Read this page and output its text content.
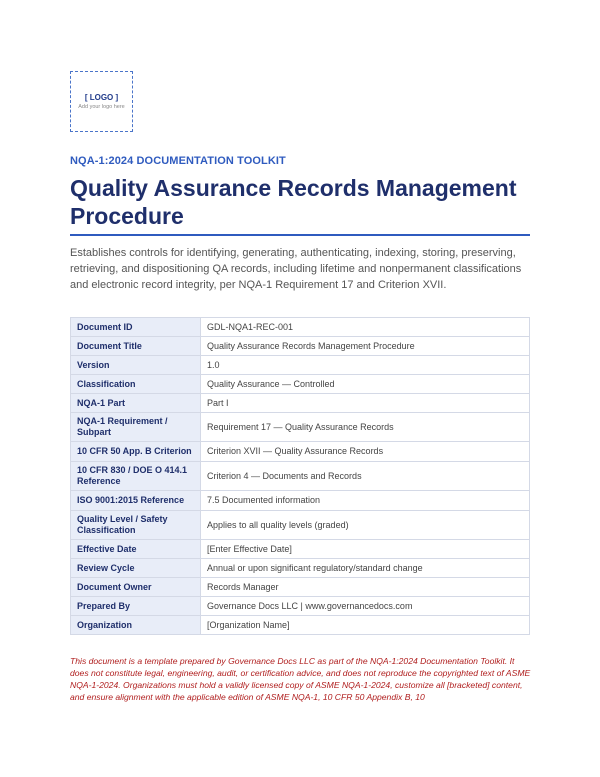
[ LOGO ]
Add your logo here
NQA-1:2024 DOCUMENTATION TOOLKIT
Quality Assurance Records Management Procedure
Establishes controls for identifying, generating, authenticating, indexing, storing, preserving, retrieving, and dispositioning QA records, including lifetime and nonpermanent classifications and electronic record integrity, per NQA-1 Requirement 17 and Criterion XVII.
Document ID	GDL-NQA1-REC-001
Document Title	Quality Assurance Records Management Procedure
Version	1.0
Classification	Quality Assurance — Controlled
NQA-1 Part	Part I
NQA-1 Requirement / Subpart	Requirement 17 — Quality Assurance Records
10 CFR 50 App. B Criterion	Criterion XVII — Quality Assurance Records
10 CFR 830 / DOE O 414.1 Reference	Criterion 4 — Documents and Records
ISO 9001:2015 Reference	7.5 Documented information
Quality Level / Safety Classification	Applies to all quality levels (graded)
Effective Date	[Enter Effective Date]
Review Cycle	Annual or upon significant regulatory/standard change
Document Owner	Records Manager
Prepared By	Governance Docs LLC | www.governancedocs.com
Organization	[Organization Name]
This document is a template prepared by Governance Docs LLC as part of the NQA-1:2024 Documentation Toolkit. It does not constitute legal, engineering, audit, or certification advice, and does not reproduce the copyrighted text of ASME NQA-1-2024. Organizations must hold a validly licensed copy of ASME NQA-1-2024, customize all [bracketed] content, and ensure alignment with the applicable edition of ASME NQA-1, 10 CFR 50 Appendix B, 10
